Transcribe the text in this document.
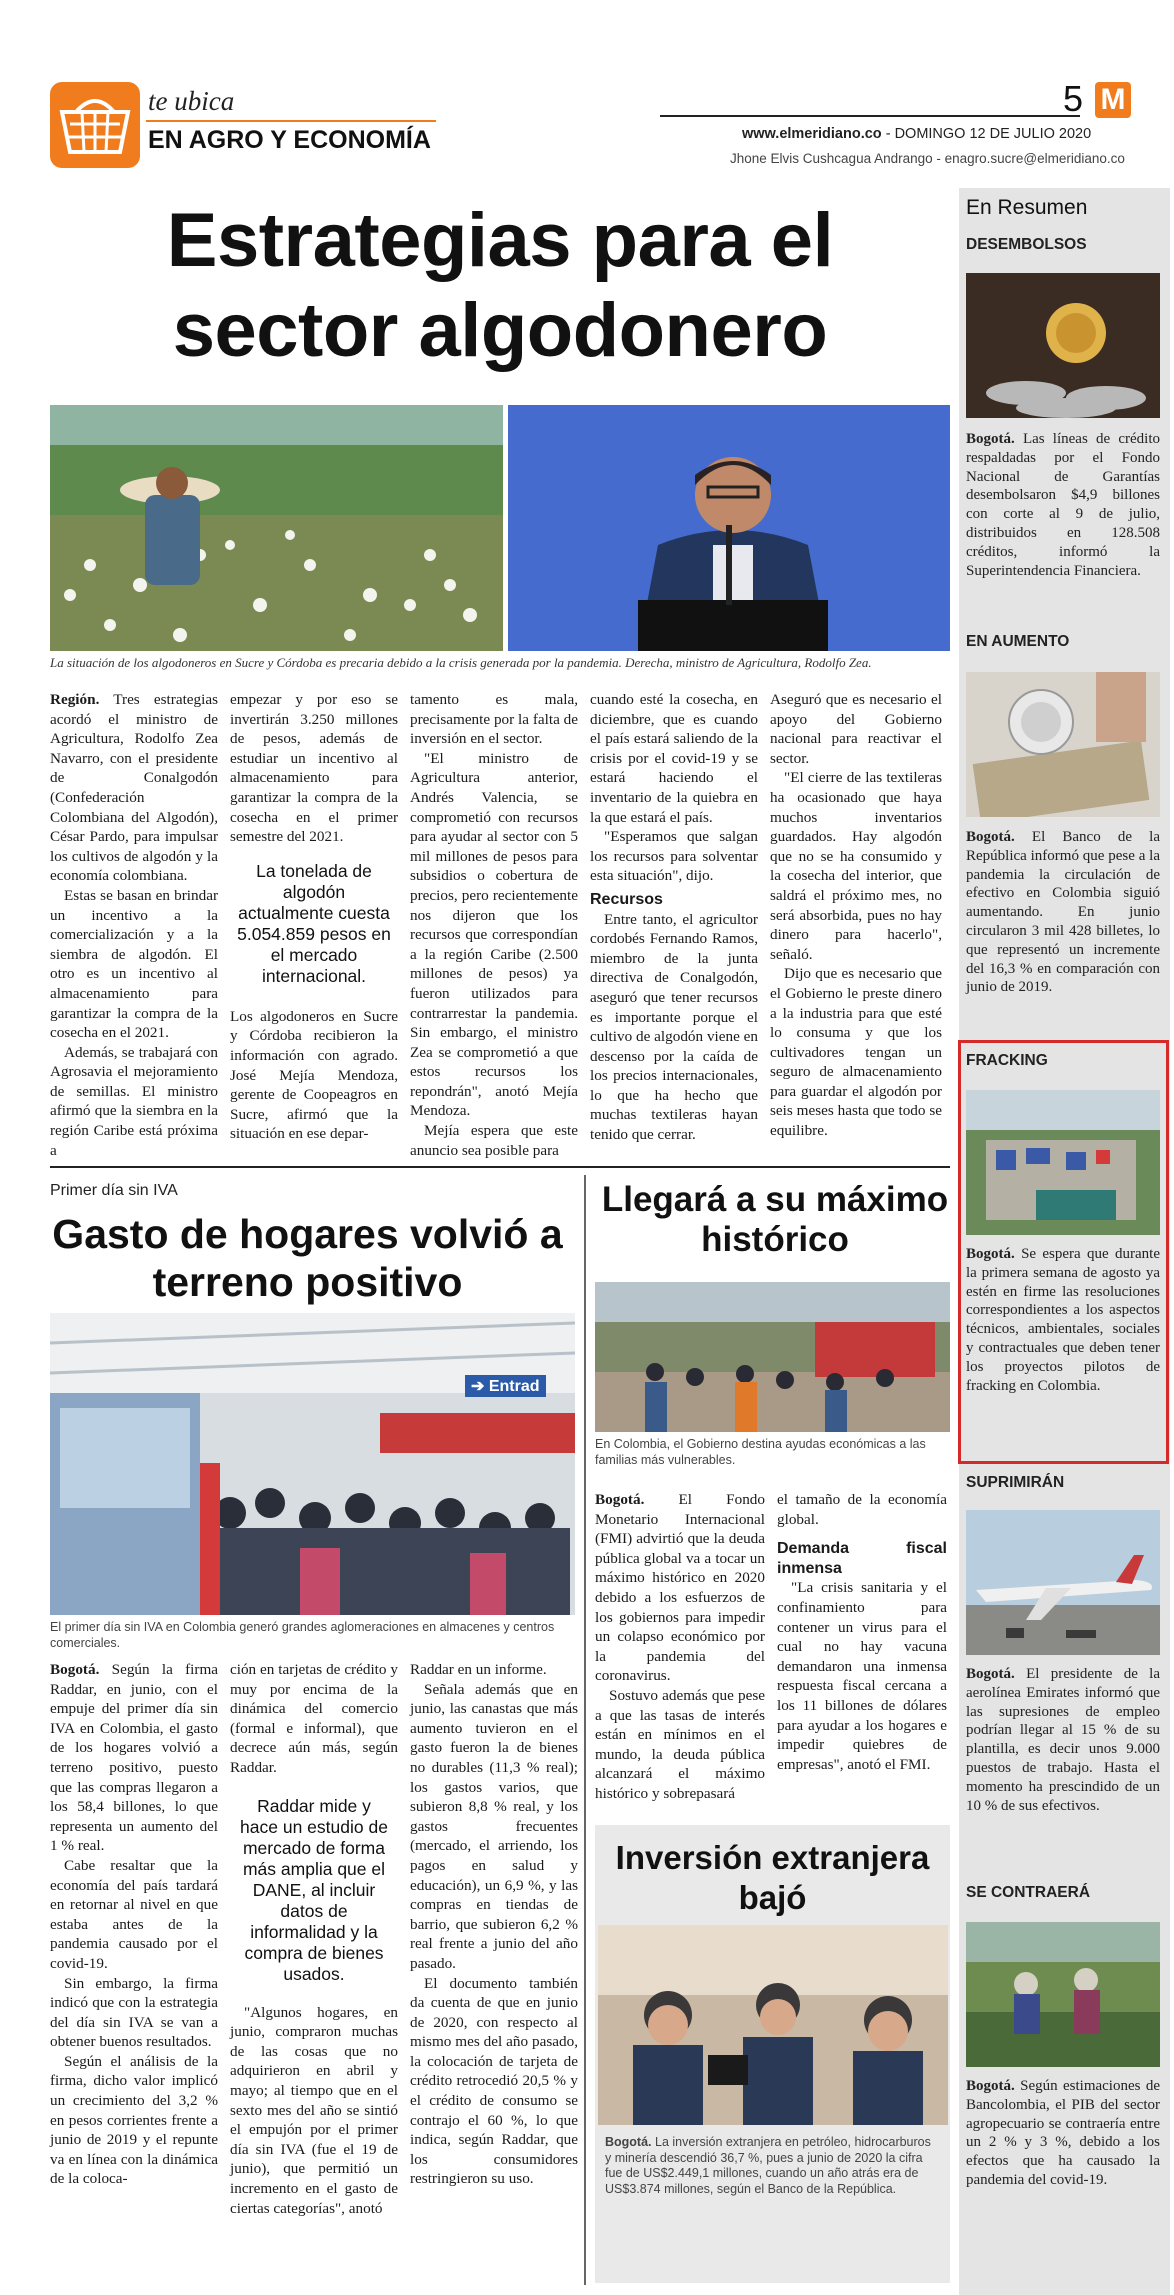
te ubica
EN AGRO Y ECONOMÍA
5 M
www.elmeridiano.co - DOMINGO 12 DE JULIO 2020
Jhone Elvis Cushcagua Andrango - enagro.sucre@elmeridiano.co
Estrategias para el sector algodonero
La situación de los algodoneros en Sucre y Córdoba es precaria debido a la crisis generada por la pandemia. Derecha, ministro de Agricultura, Rodolfo Zea.

Región. Tres estrategias acordó el ministro de Agricultura, Rodolfo Zea Navarro, con el presidente de Conalgodón (Confederación Colombiana del Algodón), César Pardo, para impulsar los cultivos de algodón y la economía colombiana.

Estas se basan en brindar un incentivo a la comercialización y a la siembra de algodón. El otro es un incentivo al almacenamiento para garantizar la compra de la cosecha en el 2021.

Además, se trabajará con Agrosavia el mejoramiento de semillas. El ministro afirmó que la siembra en la región Caribe está próxima a

empezar y por eso se invertirán 3.250 millones de pesos, además de estudiar un incentivo al almacenamiento para garantizar la compra de la cosecha en el primer semestre del 2021.

La tonelada de algodón actualmente cuesta 5.054.859 pesos en el mercado internacional.

Los algodoneros en Sucre y Córdoba recibieron la información con agrado. José Mejía Mendoza, gerente de Coopeagros en Sucre, afirmó que la situación en ese depar-

tamento es mala, precisamente por la falta de inversión en el sector.

"El ministro de Agricultura anterior, Andrés Valencia, se comprometió con recursos para ayudar al sector con 5 mil millones de pesos para subsidios o cobertura de precios, pero recientemente nos dijeron que los recursos que correspondían a la región Caribe (2.500 millones de pesos) ya fueron utilizados para contrarrestar la pandemia. Sin embargo, el ministro Zea se comprometió a que estos recursos los repondrán", anotó Mejía Mendoza.

Mejía espera que este anuncio sea posible para

cuando esté la cosecha, en diciembre, que es cuando el país estará saliendo de la crisis por el covid-19 y se estará haciendo el inventario de la quiebra en la que estará el país.

"Esperamos que salgan los recursos para solventar esta situación", dijo.

Recursos

Entre tanto, el agricultor cordobés Fernando Ramos, miembro de la junta directiva de Conalgodón, aseguró que tener recursos es importante porque el cultivo de algodón viene en descenso por la caída de los precios internacionales, lo que ha hecho que muchas textileras hayan tenido que cerrar.

Aseguró que es necesario el apoyo del Gobierno nacional para reactivar el sector.

"El cierre de las textileras ha ocasionado que haya muchos inventarios guardados. Hay algodón que no se ha consumido y la cosecha del interior, que saldrá el próximo mes, no será absorbida, pues no hay dinero para hacerlo", señaló.

Dijo que es necesario que el Gobierno le preste dinero a la industria para que esté lo consuma y que los cultivadores tengan un seguro de almacenamiento para guardar el algodón por seis meses hasta que todo se equilibre.

Primer día sin IVA
Gasto de hogares volvió a terreno positivo
➔ Entrad
El primer día sin IVA en Colombia generó grandes aglomeraciones en almacenes y centros comerciales.

Bogotá. Según la firma Raddar, en junio, con el empuje del primer día sin IVA en Colombia, el gasto de los hogares volvió a terreno positivo, puesto que las compras llegaron a los 58,4 billones, lo que representa un aumento del 1 % real.

Cabe resaltar que la economía del país tardará en retornar al nivel en que estaba antes de la pandemia causado por el covid-19.

Sin embargo, la firma indicó que con la estrategia del día sin IVA se van a obtener buenos resultados.

Según el análisis de la firma, dicho valor implicó un crecimiento del 3,2 % en pesos corrientes frente a junio de 2019 y el repunte va en línea con la dinámica de la coloca-

ción en tarjetas de crédito y muy por encima de la dinámica del comercio (formal e informal), que decrece aún más, según Raddar.

Raddar mide y hace un estudio de mercado de forma más amplia que el DANE, al incluir datos de informalidad y la compra de bienes usados.

"Algunos hogares, en junio, compraron muchas de las cosas que no adquirieron en abril y mayo; al tiempo que en el sexto mes del año se sintió el empujón por el primer día sin IVA (fue el 19 de junio), que permitió un incremento en el gasto de ciertas categorías", anotó

Raddar en un informe.

Señala además que en junio, las canastas que más aumento tuvieron en el gasto fueron la de bienes no durables (11,3 % real); los gastos varios, que subieron 8,8 % real, y los gastos frecuentes (mercado, el arriendo, los pagos en salud y educación), un 6,9 %, y las compras en tiendas de barrio, que subieron 6,2 % real frente a junio del año pasado.

El documento también da cuenta de que en junio de 2020, con respecto al mismo mes del año pasado, la colocación de tarjeta de crédito retrocedió 20,5 % y el crédito de consumo se contrajo el 60 %, lo que indica, según Raddar, que los consumidores restringieron su uso.

Llegará a su máximo histórico
En Colombia, el Gobierno destina ayudas económicas a las familias más vulnerables.

Bogotá. El Fondo Monetario Internacional (FMI) advirtió que la deuda pública global va a tocar un máximo histórico en 2020 debido a los esfuerzos de los gobiernos para impedir un colapso económico por la pandemia del coronavirus.

Sostuvo además que pese a que las tasas de interés están en mínimos en el mundo, la deuda pública alcanzará el máximo histórico y sobrepasará

el tamaño de la economía global.

Demanda fiscal inmensa

"La crisis sanitaria y el confinamiento para contener un virus para el cual no hay vacuna demandaron una inmensa respuesta fiscal cercana a los 11 billones de dólares para ayudar a los hogares e impedir quiebres de empresas", anotó el FMI.

Inversión extranjera bajó
Bogotá. La inversión extranjera en petróleo, hidrocarburos y minería descendió 36,7 %, pues a junio de 2020 la cifra fue de US$2.449,1 millones, cuando un año atrás era de US$3.874 millones, según el Banco de la República.
En Resumen
DESEMBOLSOS
Bogotá. Las líneas de crédito respaldadas por el Fondo Nacional de Garantías desembolsaron $4,9 billones con corte al 9 de julio, distribuidos en 128.508 créditos, informó la Superintendencia Financiera.
EN AUMENTO
Bogotá. El Banco de la República informó que pese a la pandemia la circulación de efectivo en Colombia siguió aumentando. En junio circularon 3 mil 428 billetes, lo que representó un incremente del 16,3 % en comparación con junio de 2019.
FRACKING
Bogotá. Se espera que durante la primera semana de agosto ya estén en firme las resoluciones correspondientes a los aspectos técnicos, ambientales, sociales y contractuales que deben tener los proyectos pilotos de fracking en Colombia.
SUPRIMIRÁN
Bogotá. El presidente de la aerolínea Emirates informó que las supresiones de empleo podrían llegar al 15 % de su plantilla, es decir unos 9.000 puestos de trabajo. Hasta el momento ha prescindido de un 10 % de sus efectivos.
SE CONTRAERÁ
Bogotá. Según estimaciones de Bancolombia, el PIB del sector agropecuario se contraería entre un 2 % y 3 %, debido a los efectos que ha causado la pandemia del covid-19.
